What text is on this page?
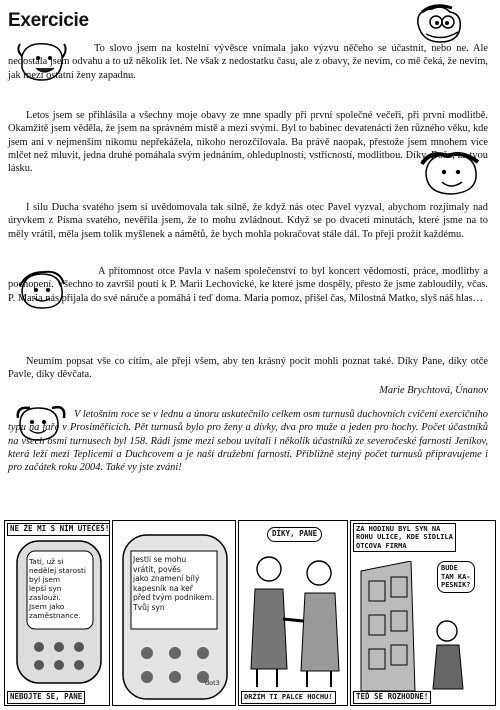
Exercicie

To slovo jsem na kostelní vývěsce vnímala jako výzvu něčeho se účastnit, nebo ne. Ale nedostala jsem odvahu a to už několik let. Ne však z nedostatku času, ale z obavy, že nevím, co mě čeká, že nevím, jak mezi ostatní ženy zapadnu.

Letos jsem se přihlásila a všechny moje obavy ze mne spadly při první společné večeři, při první modlitbě. Okamžitě jsem věděla, že jsem na správném místě a mezi svými. Byl to babinec devatenácti žen různého věku, kde jsem ani v nejmenším nikomu nepřekážela, nikoho nerozčilovala. Ba právě naopak, přestože jsem mnohem více mlčet než mluvit, jedna druhé pomáhala svým jednáním, ohleduplností, vstřícností, modlitbou. Díky, Bože, za tvou lásku.

I silu Ducha svatého jsem si uvědomovala tak silně, že když nás otec Pavel vyzval, abychom rozjímaly nad úryvkem z Písma svatého, nevěřila jsem, že to mohu zvládnout. Když se po dvaceti minutách, které jsme na to měly vrátil, měla jsem tolik myšlenek a námětů, že bych mohla pokračovat stále dál. To přeji prožít každému.

A přítomnost otce Pavla v našem společenství to byl koncert vědomostí, práce, modlitby a pochopení. Všechno to završil poutí k P. Marii Lechovické, ke které jsme dospěly, přesto že jsme zabloudily, včas. P. Maria nás přijala do své náruče a pomáhá i teď doma. Maria pomoz, přišel čas, Milostná Matko, slyš náš hlas…

Neumím popsat vše co cítím, ale přeji všem, aby ten krásný pocit mohli poznat také. Díky Pane, díky otče Pavle, díky děvčata.

Marie Brychtová, Únanov

V letošním roce se v lednu a únoru uskutečnilo celkem osm turnusů duchovních cvičení exercičního typu na faře v Prosiměřicích. Pět turnusů bylo pro ženy a dívky, dva pro muže a jeden pro hochy. Počet účastníků na všech osmi turnusech byl 158. Rádi jsme mezi sebou uvítali i několik účastníků ze severočeské farnosti Jeníkov, která leží mezi Teplicemi a Duchcovem a je naší družební farností. Přibližně stejný počet turnusů připravujeme i pro začátek roku 2004. Také vy jste zváni!

NE ŽE MI S NÍM UTEČEŠ!
Tati, už si
nedělej starosti
byl jsem
lepší syn
zaslouži.
Jsem jako
zaměstnance.
NEBOJTE SE, PANE
Jestli se mohu
vrátit, pověs
jako znamení bílý
kapesník na keř
před tvým podnikem.
Tvůj syn
dot3
DÍKY, PANE
DRŽÍM TI PALCE HOCHU!
ZA HODINU BYL SYN NA
ROHU ULICE, KDE SÍDLILA
OTCOVA FIRMA
BUDE
TAM KA-
PESNÍK?
TEĎ SE ROZHODNE!
